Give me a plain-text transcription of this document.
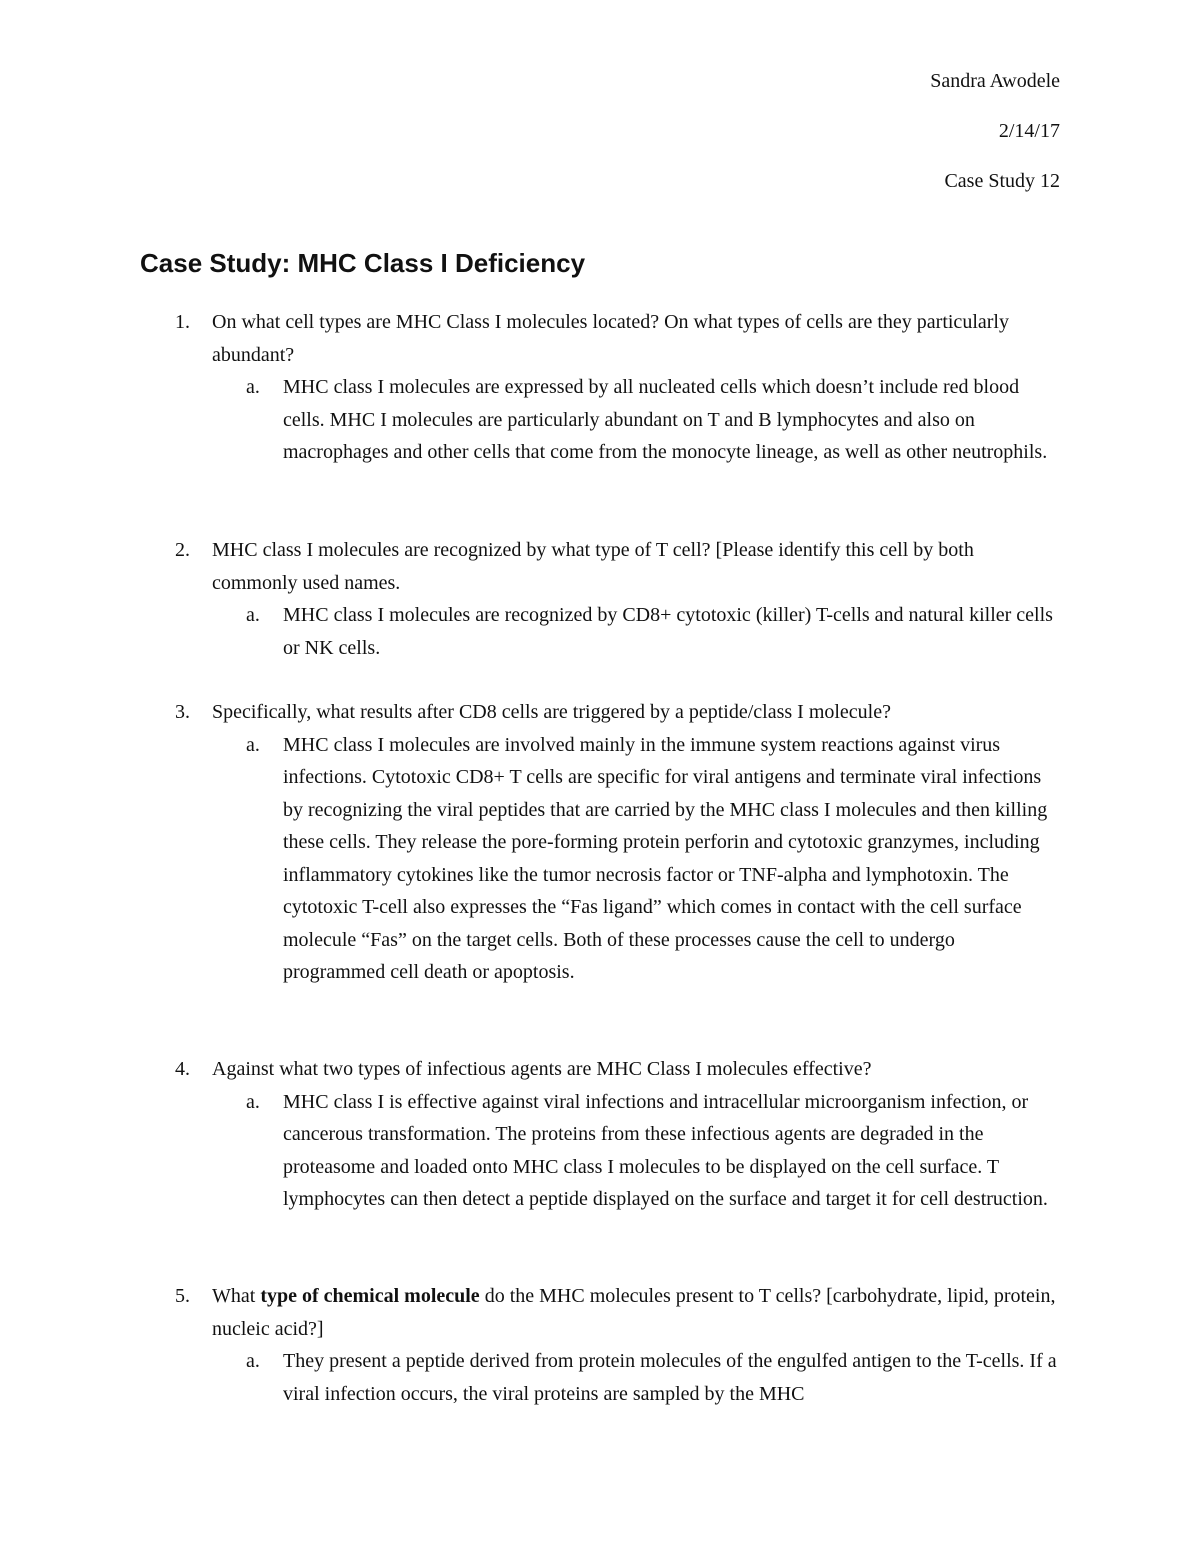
Sandra Awodele
2/14/17
Case Study 12
Case Study: MHC Class I Deficiency
1. On what cell types are MHC Class I molecules located? On what types of cells are they particularly abundant?
a. MHC class I molecules are expressed by all nucleated cells which doesn’t include red blood cells. MHC I molecules are particularly abundant on T and B lymphocytes and also on macrophages and other cells that come from the monocyte lineage, as well as other neutrophils.
2. MHC class I molecules are recognized by what type of T cell? [Please identify this cell by both commonly used names.
a. MHC class I molecules are recognized by CD8+ cytotoxic (killer) T-cells and natural killer cells or NK cells.
3. Specifically, what results after CD8 cells are triggered by a peptide/class I molecule?
a. MHC class I molecules are involved mainly in the immune system reactions against virus infections. Cytotoxic CD8+ T cells are specific for viral antigens and terminate viral infections by recognizing the viral peptides that are carried by the MHC class I molecules and then killing these cells. They release the pore-forming protein perforin and cytotoxic granzymes, including inflammatory cytokines like the tumor necrosis factor or TNF-alpha and lymphotoxin. The cytotoxic T-cell also expresses the “Fas ligand” which comes in contact with the cell surface molecule “Fas” on the target cells. Both of these processes cause the cell to undergo programmed cell death or apoptosis.
4. Against what two types of infectious agents are MHC Class I molecules effective?
a. MHC class I is effective against viral infections and intracellular microorganism infection, or cancerous transformation. The proteins from these infectious agents are degraded in the proteasome and loaded onto MHC class I molecules to be displayed on the cell surface. T lymphocytes can then detect a peptide displayed on the surface and target it for cell destruction.
5. What type of chemical molecule do the MHC molecules present to T cells? [carbohydrate, lipid, protein, nucleic acid?]
a. They present a peptide derived from protein molecules of the engulfed antigen to the T-cells. If a viral infection occurs, the viral proteins are sampled by the MHC
